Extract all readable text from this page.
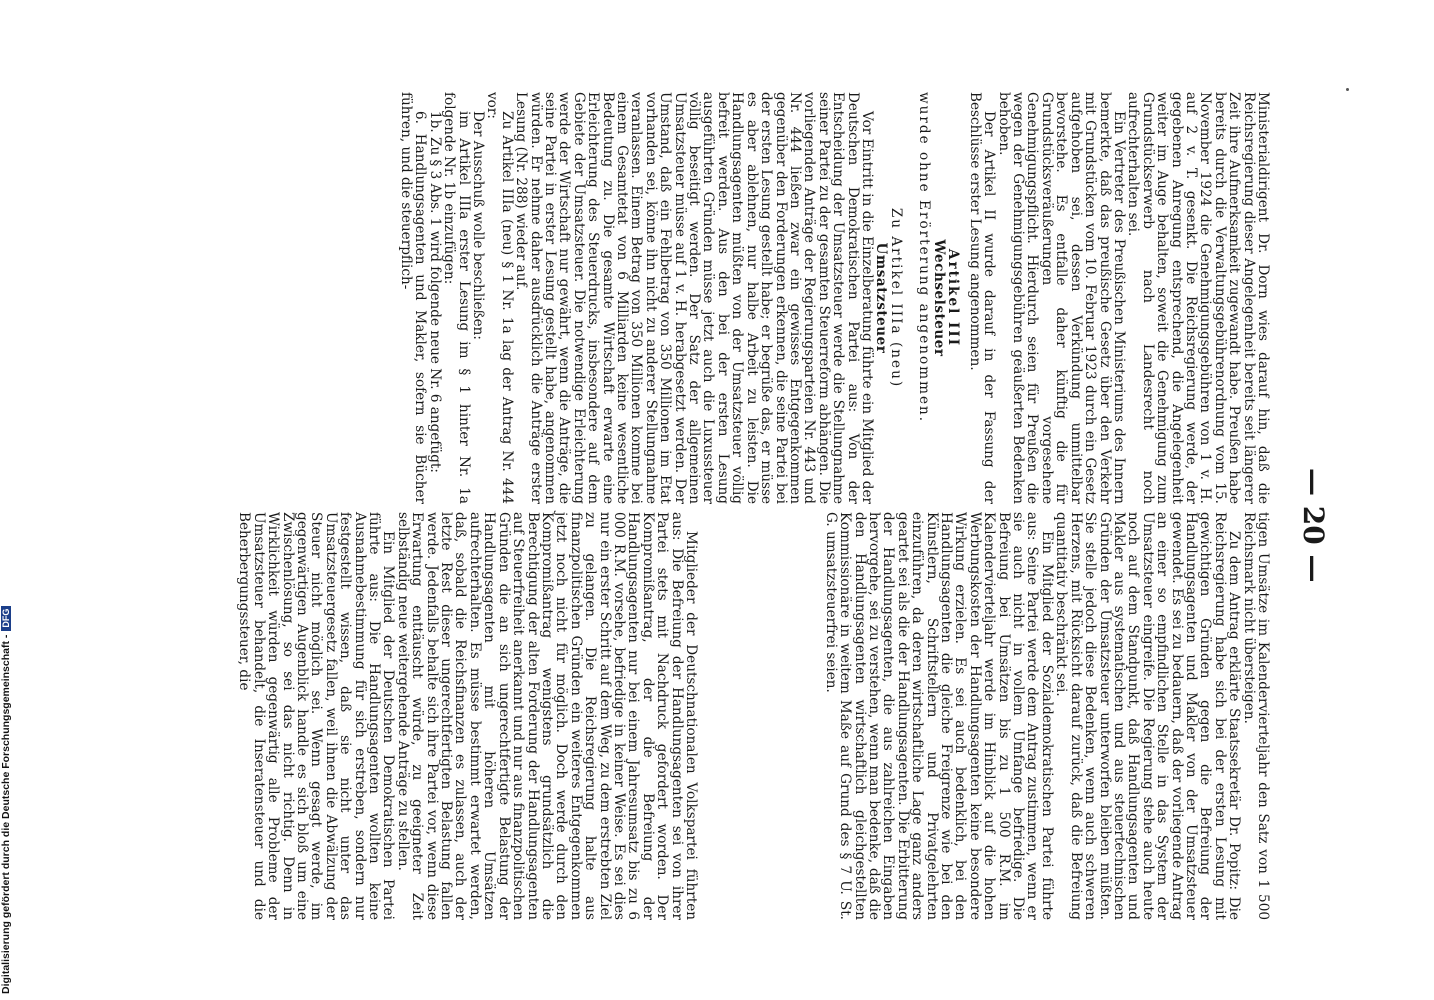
— 20 —

Ministerialdirigent Dr. Dorn wies darauf hin, daß die Reichsregierung dieser Angelegenheit bereits seit längerer Zeit ihre Aufmerksamkeit zugewandt habe. Preußen habe bereits durch die Verwaltungsgebührenordnung vom 15. November 1924 die Genehmigungsgebühren von 1 v. H. auf 2 v. T. gesenkt. Die Reichsregierung werde, der gegebenen Anregung entsprechend, die Angelegenheit weiter im Auge behalten, soweit die Genehmigung zum Grundstückserwerb nach Landesrecht noch aufrechterhalten sei.

Ein Vertreter des Preußischen Ministeriums des Innern bemerkte, daß das preußische Gesetz über den Verkehr mit Grundstücken vom 10. Februar 1923 durch ein Gesetz aufgehoben sei, dessen Verkündung unmittelbar bevorstehe. Es entfalle daher künftig die für Grundstücksveräußerungen vorgesehene Genehmigungspflicht. Hierdurch seien für Preußen die wegen der Genehmigungsgebühren geäußerten Bedenken behoben.

Der Artikel II wurde darauf in der Fassung der Beschlüsse erster Lesung angenommen.

Artikel III

Wechselsteuer

wurde ohne Erörterung angenommen.

Zu Artikel IIIa (neu)

Umsatzsteuer

Vor Eintritt in die Einzelberatung führte ein Mitglied der Deutschen Demokratischen Partei aus: Von der Entscheidung der Umsatzsteuer werde die Stellungnahme seiner Partei zu der gesamten Steuerreform abhängen. Die vorliegenden Anträge der Regierungsparteien Nr. 443 und Nr. 444 ließen zwar ein gewisses Entgegenkommen gegenüber den Forderungen erkennen, die seine Partei bei der ersten Lesung gestellt habe; er begrüße das, er müsse es aber ablehnen, nur halbe Arbeit zu leisten. Die Handlungsagenten müßten von der Umsatzsteuer völlig befreit werden. Aus den bei der ersten Lesung ausgeführten Gründen müsse jetzt auch die Luxussteuer völlig beseitigt werden. Der Satz der allgemeinen Umsatzsteuer müsse auf 1 v. H. herabgesetzt werden. Der Umstand, daß ein Fehlbetrag von 350 Millionen im Etat vorhanden sei, könne ihn nicht zu anderer Stellungnahme veranlassen. Einem Betrag von 350 Millionen komme bei einem Gesamtetat von 6 Milliarden keine wesentliche Bedeutung zu. Die gesamte Wirtschaft erwarte eine Erleichterung des Steuerdrucks, insbesondere auf dem Gebiete der Umsatzsteuer. Die notwendige Erleichterung werde der Wirtschaft nur gewährt, wenn die Anträge, die seine Partei in erster Lesung gestellt habe, angenommen würden. Er nehme daher ausdrücklich die Anträge erster Lesung (Nr. 288) wieder auf.

Zu Artikel IIIa (neu) § 1 Nr. 1a lag der Antrag Nr. 444 vor:

Der Ausschuß wolle beschließen:

im Artikel IIIa erster Lesung im § 1 hinter Nr. 1a folgende Nr. 1b einzufügen:

1b. Zu § 3 Abs. 1 wird folgende neue Nr. 6 angefügt:

6. Handlungsagenten und Makler, sofern sie Bücher führen, und die steuerpflich-

tigen Umsätze im Kalendervierteljahr den Satz von 1 500 Reichsmark nicht übersteigen.

Zu dem Antrag erklärte Staatssekretär Dr. Popitz: Die Reichsregierung habe sich bei der ersten Lesung mit gewichtigen Gründen gegen die Befreiung der Handlungsagenten und Makler von der Umsatzsteuer gewendet. Es sei zu bedauern, daß der vorliegende Antrag an einer so empfindlichen Stelle in das System der Umsatzsteuer eingreife. Die Regierung stehe auch heute noch auf dem Standpunkt, daß Handlungsagenten und Makler aus systematischen und aus steuertechnischen Gründen der Umsatzsteuer unterworfen bleiben müßten. Sie stelle jedoch diese Bedenken, wenn auch schweren Herzens, mit Rücksicht darauf zurück, daß die Befreiung quantitativ beschränkt sei.

Ein Mitglied der Sozialdemokratischen Partei führte aus: Seine Partei werde dem Antrag zustimmen, wenn er sie auch nicht in vollem Umfange befriedige. Die Befreiung bei Umsätzen bis zu 1 500 R.M. im Kalendervierteljahr werde im Hinblick auf die hohen Werbungskosten der Handlungsagenten keine besondere Wirkung erzielen. Es sei auch bedenklich, bei den Handlungsagenten die gleiche Freigrenze wie bei den Künstlern, Schriftstellern und Privatgelehrten einzuführen, da deren wirtschaftliche Lage ganz anders geartet sei als die der Handlungsagenten. Die Erbitterung der Handlungsagenten, die aus zahlreichen Eingaben hervorgehe, sei zu verstehen, wenn man bedenke, daß die den Handlungsagenten wirtschaftlich gleichgestellten Kommissionäre in weitem Maße auf Grund des § 7 U. St. G. umsatzsteuerfrei seien.

Mitglieder der Deutschnationalen Volkspartei führten aus: Die Befreiung der Handlungsagenten sei von ihrer Partei stets mit Nachdruck gefordert worden. Der Kompromißantrag, der die Befreiung der Handlungsagenten nur bei einem Jahresumsatz bis zu 6 000 R.M. vorsehe, befriedige in keiner Weise. Es sei dies nur ein erster Schritt auf dem Weg, zu dem erstrebten Ziel zu gelangen. Die Reichsregierung halte aus finanzpolitischen Gründen ein weiteres Entgegenkommen jetzt noch nicht für möglich. Doch werde durch den Kompromißantrag wenigstens grundsätzlich die Berechtigung der alten Forderung der Handlungsagenten auf Steuerfreiheit anerkannt und nur aus finanzpolitischen Gründen die an sich ungerechtfertigte Belastung der Handlungsagenten mit höheren Umsätzen aufrechterhalten. Es müsse bestimmt erwartet werden, daß, sobald die Reichsfinanzen es zulassen, auch der letzte Rest dieser ungerechtfertigten Belastung fallen werde. Jedenfalls behalte sich ihre Partei vor, wenn diese Erwartung enttäuscht würde, zu geeigneter Zeit selbständig neue weitergehende Anträge zu stellen.

Ein Mitglied der Deutschen Demokratischen Partei führte aus: Die Handlungsagenten wollten keine Ausnahmebestimmung für sich erstreben, sondern nur festgestellt wissen, daß sie nicht unter das Umsatzsteuergesetz fallen, weil ihnen die Abwälzung der Steuer nicht möglich sei. Wenn gesagt werde, im gegenwärtigen Augenblick handle es sich bloß um eine Zwischenlösung, so sei das nicht richtig. Denn in Wirklichkeit würden gegenwärtig alle Probleme der Umsatzsteuer behandelt, die Inseratensteuer und die Beherbergungssteuer, die

Digitalisierung gefördert durch die Deutsche Forschungsgemeinschaft -DFG
